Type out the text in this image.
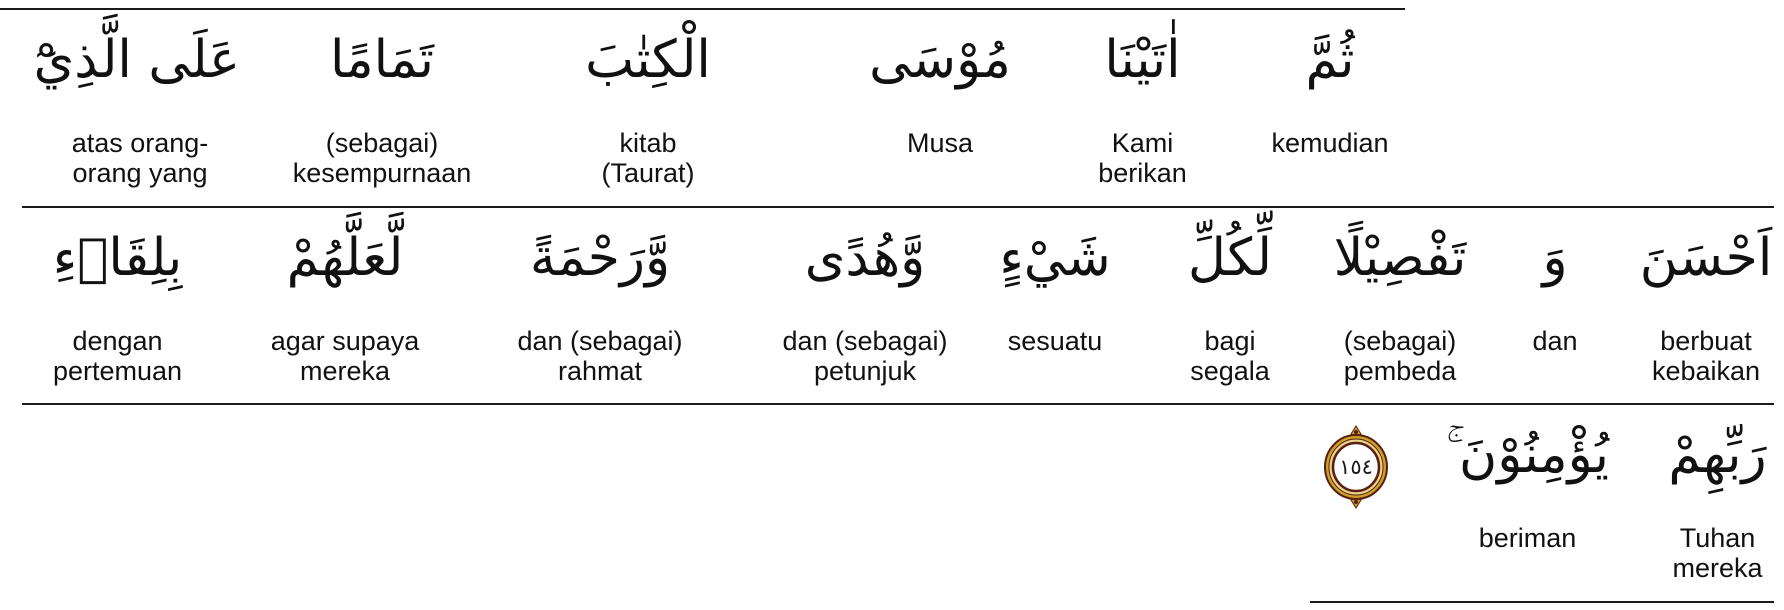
ثُمَّ
kemudian
اٰتَيْنَا
Kami
berikan
مُوْسَى
Musa
الْكِتٰبَ
kitab
(Taurat)
تَمَامًا
(sebagai)
kesempurnaan
عَلَى الَّذِيْٓ
atas orang-
orang yang
اَحْسَنَ
berbuat
kebaikan
وَ
dan
تَفْصِيْلًا
(sebagai)
pembeda
لِّكُلِّ
bagi
segala
شَيْءٍ
sesuatu
وَّهُدًى
dan (sebagai)
petunjuk
وَّرَحْمَةً
dan (sebagai)
rahmat
لَّعَلَّهُمْ
agar supaya
mereka
بِلِقَاۤءِ
dengan
pertemuan
رَبِّهِمْ
Tuhan
mereka
يُؤْمِنُوْنَ ۚ
beriman
١٥٤
